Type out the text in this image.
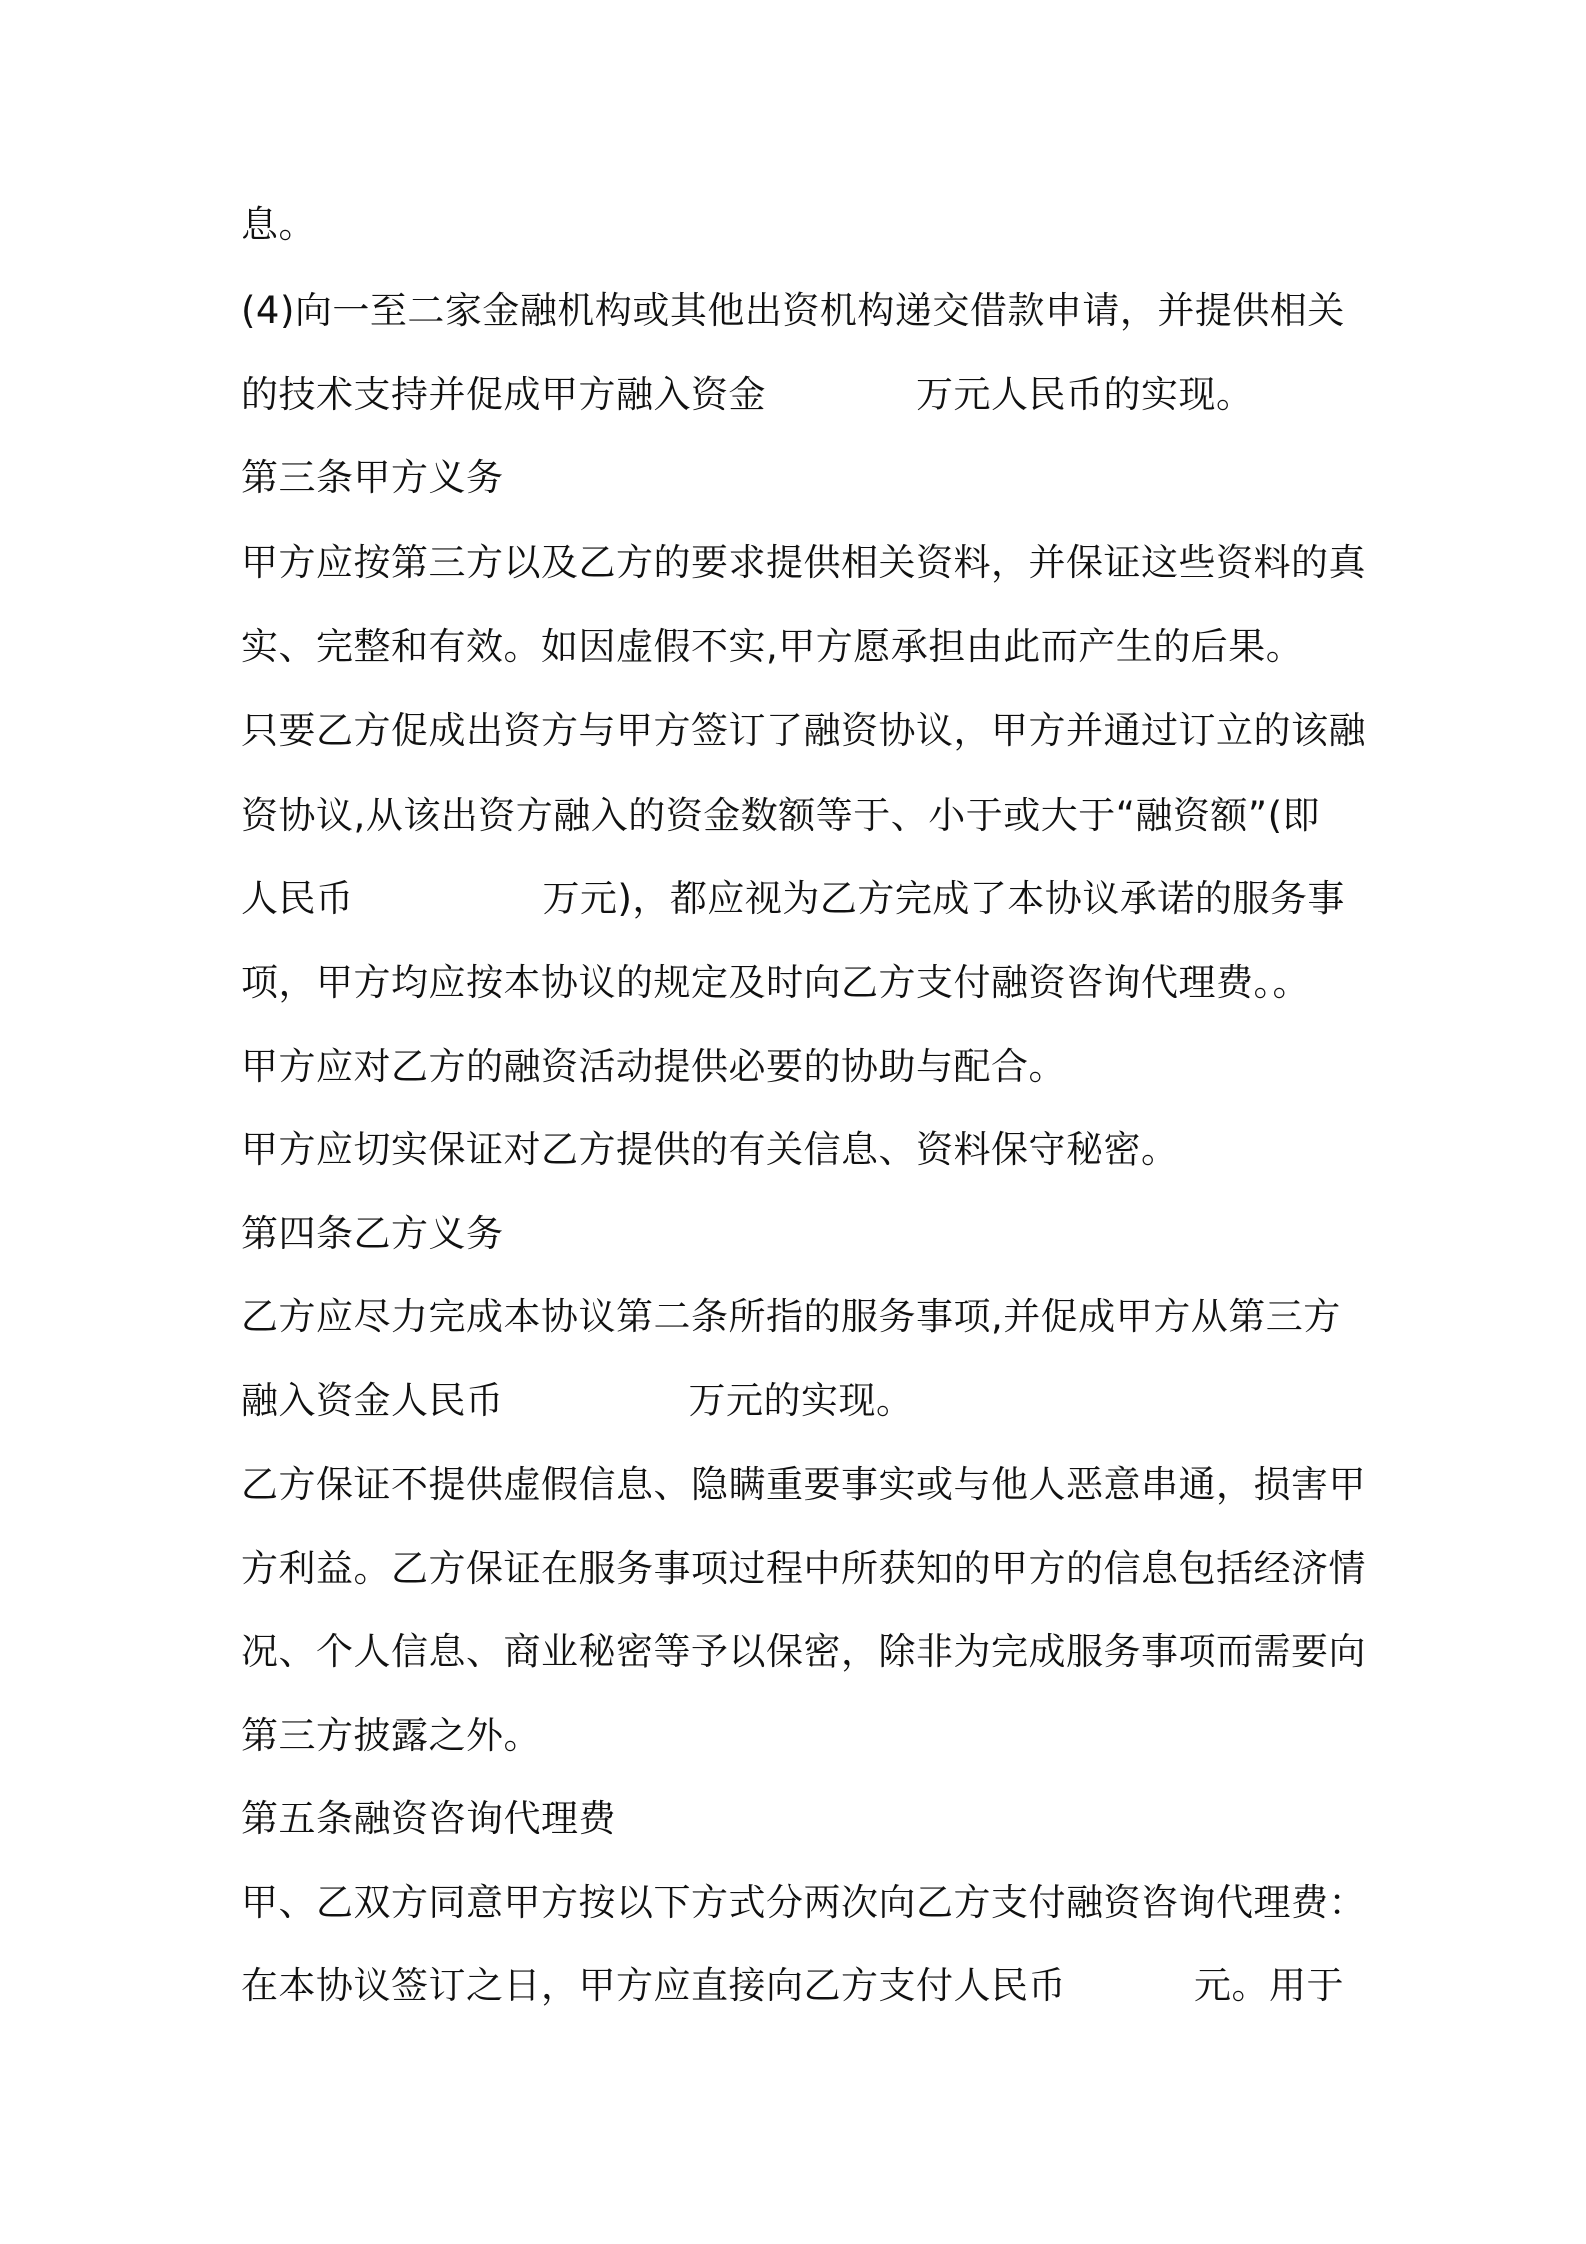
息。
(4)向一至二家金融机构或其他出资机构递交借款申请，并提供相关
的技术支持并促成甲方融入资金	万元人民币的实现。
第三条甲方义务
甲方应按第三方以及乙方的要求提供相关资料，并保证这些资料的真
实、完整和有效。如因虚假不实,甲方愿承担由此而产生的后果。
只要乙方促成出资方与甲方签订了融资协议，甲方并通过订立的该融
资协议,从该出资方融入的资金数额等于、小于或大于“融资额”(即
人民币	万元)，都应视为乙方完成了本协议承诺的服务事
项，甲方均应按本协议的规定及时向乙方支付融资咨询代理费。。
甲方应对乙方的融资活动提供必要的协助与配合。
甲方应切实保证对乙方提供的有关信息、资料保守秘密。
第四条乙方义务
乙方应尽力完成本协议第二条所指的服务事项,并促成甲方从第三方
融入资金人民币	万元的实现。
乙方保证不提供虚假信息、隐瞒重要事实或与他人恶意串通，损害甲
方利益。乙方保证在服务事项过程中所获知的甲方的信息包括经济情
况、个人信息、商业秘密等予以保密，除非为完成服务事项而需要向
第三方披露之外。
第五条融资咨询代理费
甲、乙双方同意甲方按以下方式分两次向乙方支付融资咨询代理费：
在本协议签订之日，甲方应直接向乙方支付人民币	元。用于
